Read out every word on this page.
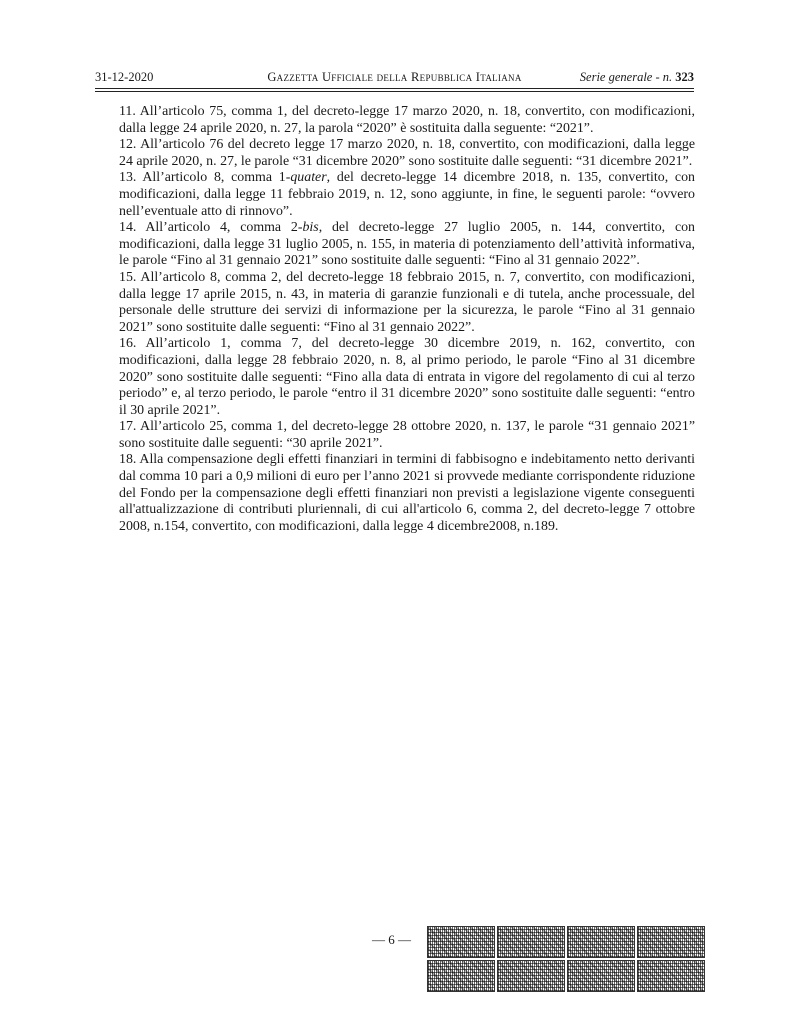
31-12-2020	Gazzetta Ufficiale della Repubblica Italiana	Serie generale - n. 323

11. All’articolo 75, comma 1, del decreto-legge 17 marzo 2020, n. 18, convertito, con modificazioni, dalla legge 24 aprile 2020, n. 27, la parola “2020” è sostituita dalla seguente: “2021”.

12. All’articolo 76 del decreto legge 17 marzo 2020, n. 18, convertito, con modificazioni, dalla legge 24 aprile 2020, n. 27, le parole “31 dicembre 2020” sono sostituite dalle seguenti: “31 dicembre 2021”.

13. All’articolo 8, comma 1-quater, del decreto-legge 14 dicembre 2018, n. 135, convertito, con modificazioni, dalla legge 11 febbraio 2019, n. 12, sono aggiunte, in fine, le seguenti parole: “ovvero nell’eventuale atto di rinnovo”.

14. All’articolo 4, comma 2-bis, del decreto-legge 27 luglio 2005, n. 144, convertito, con modificazioni, dalla legge 31 luglio 2005, n. 155, in materia di potenziamento dell’attività informativa, le parole “Fino al 31 gennaio 2021” sono sostituite dalle seguenti: “Fino al 31 gennaio 2022”.

15. All’articolo 8, comma 2, del decreto-legge 18 febbraio 2015, n. 7, convertito, con modificazioni, dalla legge 17 aprile 2015, n. 43, in materia di garanzie funzionali e di tutela, anche processuale, del personale delle strutture dei servizi di informazione per la sicurezza, le parole “Fino al 31 gennaio 2021” sono sostituite dalle seguenti: “Fino al 31 gennaio 2022”.

16. All’articolo 1, comma 7, del decreto-legge 30 dicembre 2019, n. 162, convertito, con modificazioni, dalla legge 28 febbraio 2020, n. 8, al primo periodo, le parole “Fino al 31 dicembre 2020” sono sostituite dalle seguenti: “Fino alla data di entrata in vigore del regolamento di cui al terzo periodo” e, al terzo periodo, le parole “entro il 31 dicembre 2020” sono sostituite dalle seguenti: “entro il 30 aprile 2021”.

17. All’articolo 25, comma 1, del decreto-legge 28 ottobre 2020, n. 137, le parole “31 gennaio 2021” sono sostituite dalle seguenti: “30 aprile 2021”.

18. Alla compensazione degli effetti finanziari in termini di fabbisogno e indebitamento netto derivanti dal comma 10 pari a 0,9 milioni di euro per l’anno 2021 si provvede mediante corrispondente riduzione del Fondo per la compensazione degli effetti finanziari non previsti a legislazione vigente conseguenti all'attualizzazione di contributi pluriennali, di cui all'articolo 6, comma 2, del decreto-legge 7 ottobre 2008, n.154, convertito, con modificazioni, dalla legge 4 dicembre2008, n.189.

— 6 —
